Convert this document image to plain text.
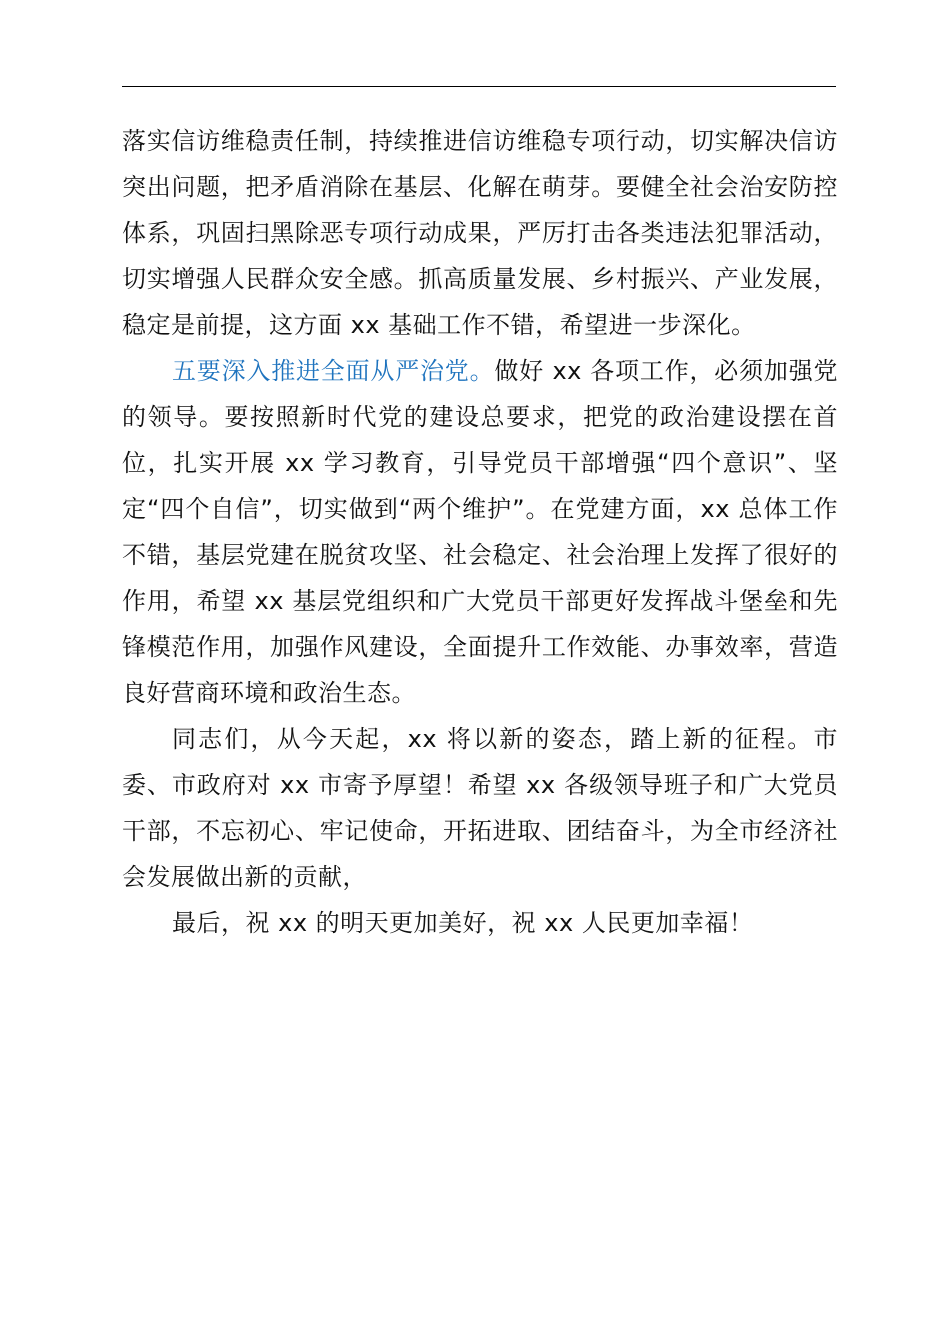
落实信访维稳责任制，持续推进信访维稳专项行动，切实解决信访突出问题，把矛盾消除在基层、化解在萌芽。要健全社会治安防控体系，巩固扫黑除恶专项行动成果，严厉打击各类违法犯罪活动，切实增强人民群众安全感。抓高质量发展、乡村振兴、产业发展，稳定是前提，这方面 xx 基础工作不错，希望进一步深化。

五要深入推进全面从严治党。做好 xx 各项工作，必须加强党的领导。要按照新时代党的建设总要求，把党的政治建设摆在首位，扎实开展 xx 学习教育，引导党员干部增强“四个意识”、坚定“四个自信”，切实做到“两个维护”。在党建方面，xx 总体工作不错，基层党建在脱贫攻坚、社会稳定、社会治理上发挥了很好的作用，希望 xx 基层党组织和广大党员干部更好发挥战斗堡垒和先锋模范作用，加强作风建设，全面提升工作效能、办事效率，营造良好营商环境和政治生态。

同志们，从今天起，xx 将以新的姿态，踏上新的征程。市委、市政府对 xx 市寄予厚望！希望 xx 各级领导班子和广大党员干部，不忘初心、牢记使命，开拓进取、团结奋斗，为全市经济社会发展做出新的贡献，

最后，祝 xx 的明天更加美好，祝 xx 人民更加幸福！
